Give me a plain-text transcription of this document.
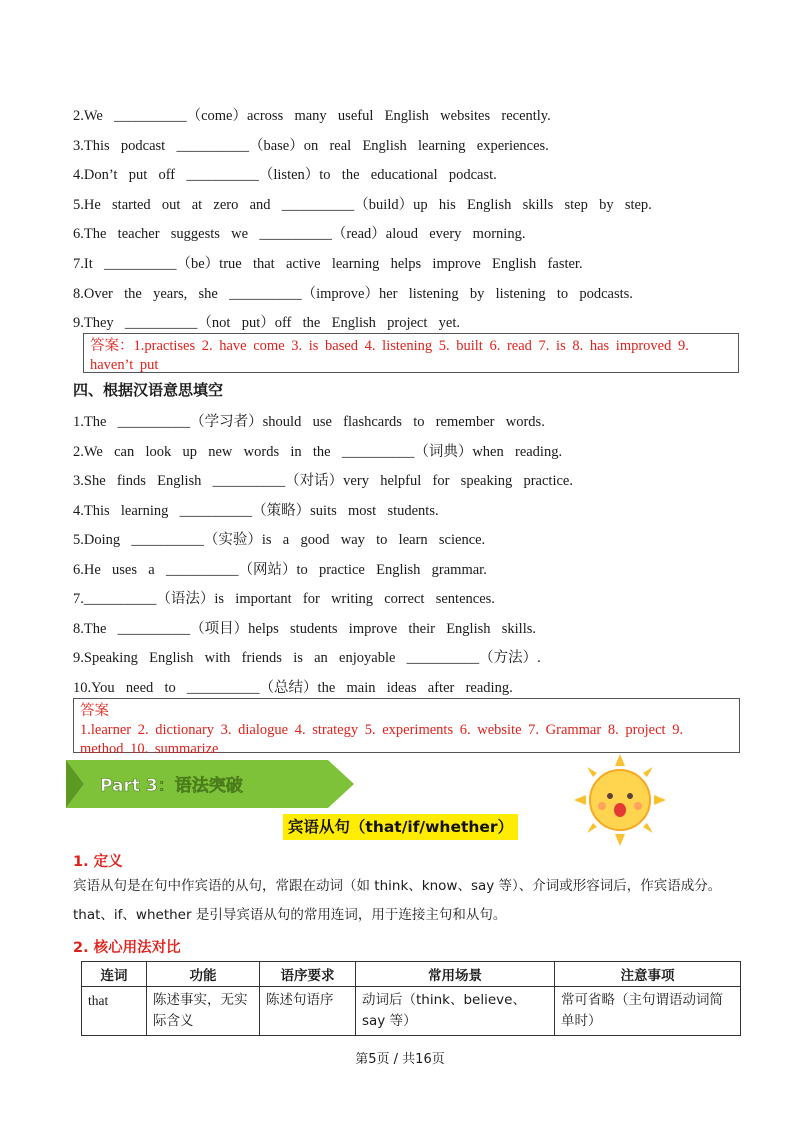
2.We  __________（come）across  many  useful  English  websites  recently.
3.This  podcast  __________（base）on  real  English  learning  experiences.
4.Don’t  put  off  __________（listen）to  the  educational  podcast.
5.He  started  out  at  zero  and  __________（build）up  his  English  skills  step  by  step.
6.The  teacher  suggests  we  __________（read）aloud  every  morning.
7.It  __________（be）true  that  active  learning  helps  improve  English  faster.
8.Over  the  years,  she  __________（improve）her  listening  by  listening  to  podcasts.
9.They  __________（not  put）off  the  English  project  yet.
答案：1.practises 2. have come 3. is based 4. listening 5. built 6. read 7. is 8. has improved 9. haven’t put
四、根据汉语意思填空
1.The  __________（学习者）should  use  flashcards  to  remember  words.
2.We  can  look  up  new  words  in  the  __________（词典）when  reading.
3.She  finds  English  __________（对话）very  helpful  for  speaking  practice.
4.This  learning  __________（策略）suits  most  students.
5.Doing  __________（实验）is  a  good  way  to  learn  science.
6.He  uses  a  __________（网站）to  practice  English  grammar.
7.__________（语法）is  important  for  writing  correct  sentences.
8.The  __________（项目）helps  students  improve  their  English  skills.
9.Speaking  English  with  friends  is  an  enjoyable  __________（方法）.
10.You  need  to  __________（总结）the  main  ideas  after  reading.
答案
1.learner 2. dictionary 3. dialogue 4. strategy 5. experiments 6. website 7. Grammar 8. project 9. method 10. summarize
Part 3：语法突破
宾语从句（that/if/whether）
1. 定义
宾语从句是在句中作宾语的从句，常跟在动词（如 think、know、say 等）、介词或形容词后，作宾语成分。that、if、whether 是引导宾语从句的常用连词，用于连接主句和从句。
2. 核心用法对比
连词	功能	语序要求	常用场景	注意事项
that	陈述事实，无实际含义	陈述句语序	动词后（think、believe、say 等）	常可省略（主句谓语动词简单时）
第5页 / 共16页
